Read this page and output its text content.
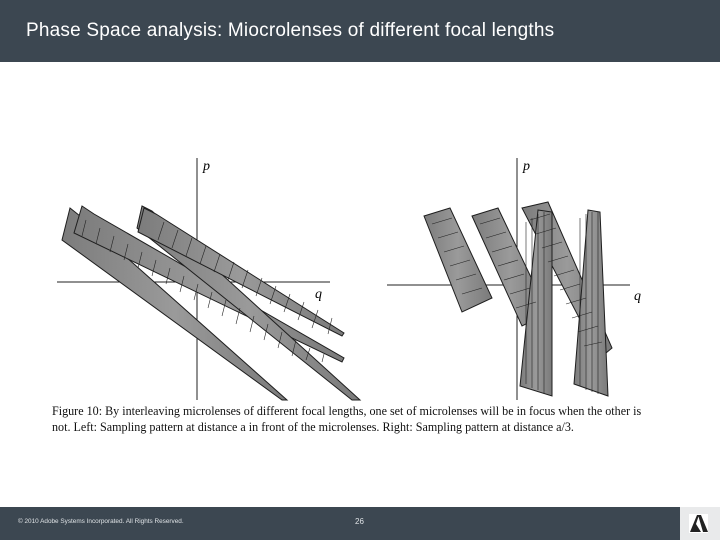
Phase Space analysis: Miocrolenses of different focal lengths
p
q
p
q

Figure 10: By interleaving microlenses of different focal lengths, one set of microlenses will be in focus when the other is

not. Left: Sampling pattern at distance a in front of the microlenses. Right: Sampling pattern at distance a/3.

© 2010 Adobe Systems Incorporated. All Rights Reserved.	26
